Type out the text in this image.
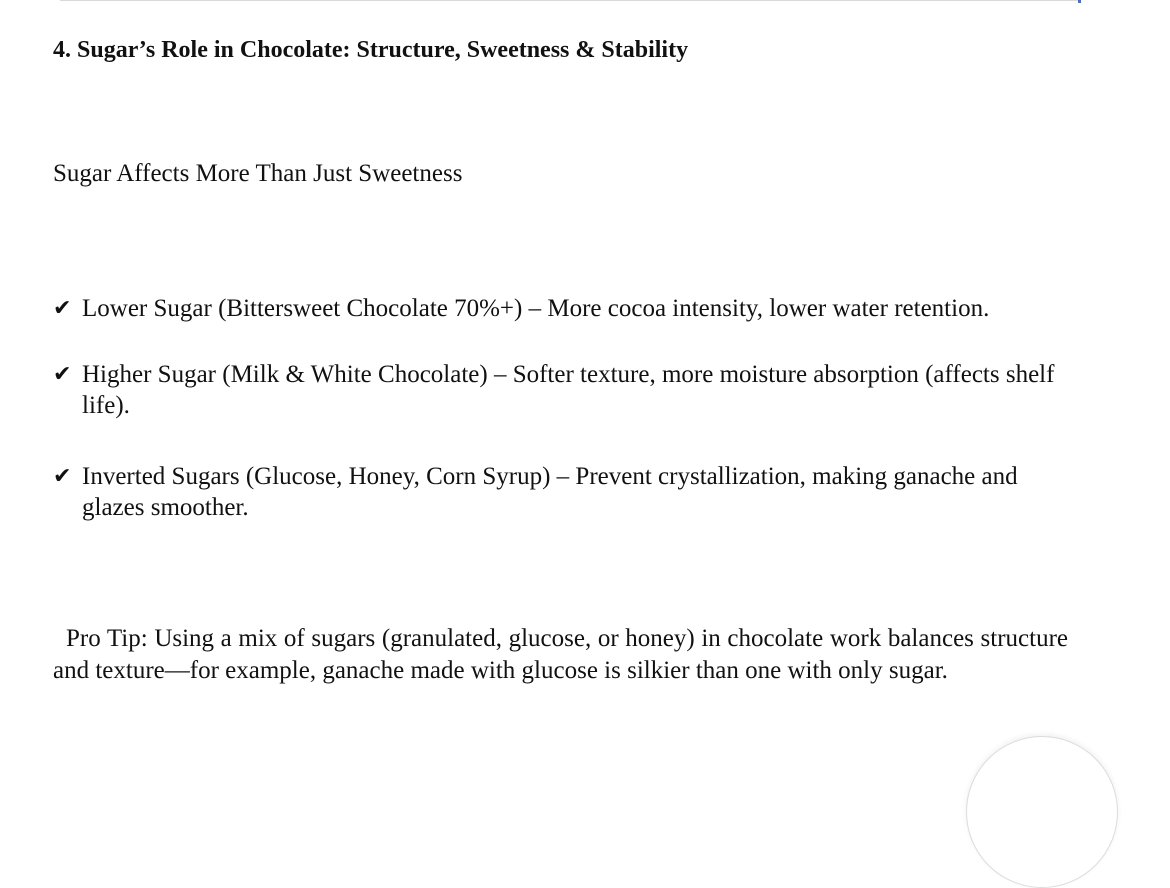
4. Sugar’s Role in Chocolate: Structure, Sweetness & Stability
Sugar Affects More Than Just Sweetness
✔ Lower Sugar (Bittersweet Chocolate 70%+) – More cocoa intensity, lower water retention.
✔ Higher Sugar (Milk & White Chocolate) – Softer texture, more moisture absorption (affects shelf life).
✔ Inverted Sugars (Glucose, Honey, Corn Syrup) – Prevent crystallization, making ganache and glazes smoother.
Pro Tip: Using a mix of sugars (granulated, glucose, or honey) in chocolate work balances structure and texture—for example, ganache made with glucose is silkier than one with only sugar.
